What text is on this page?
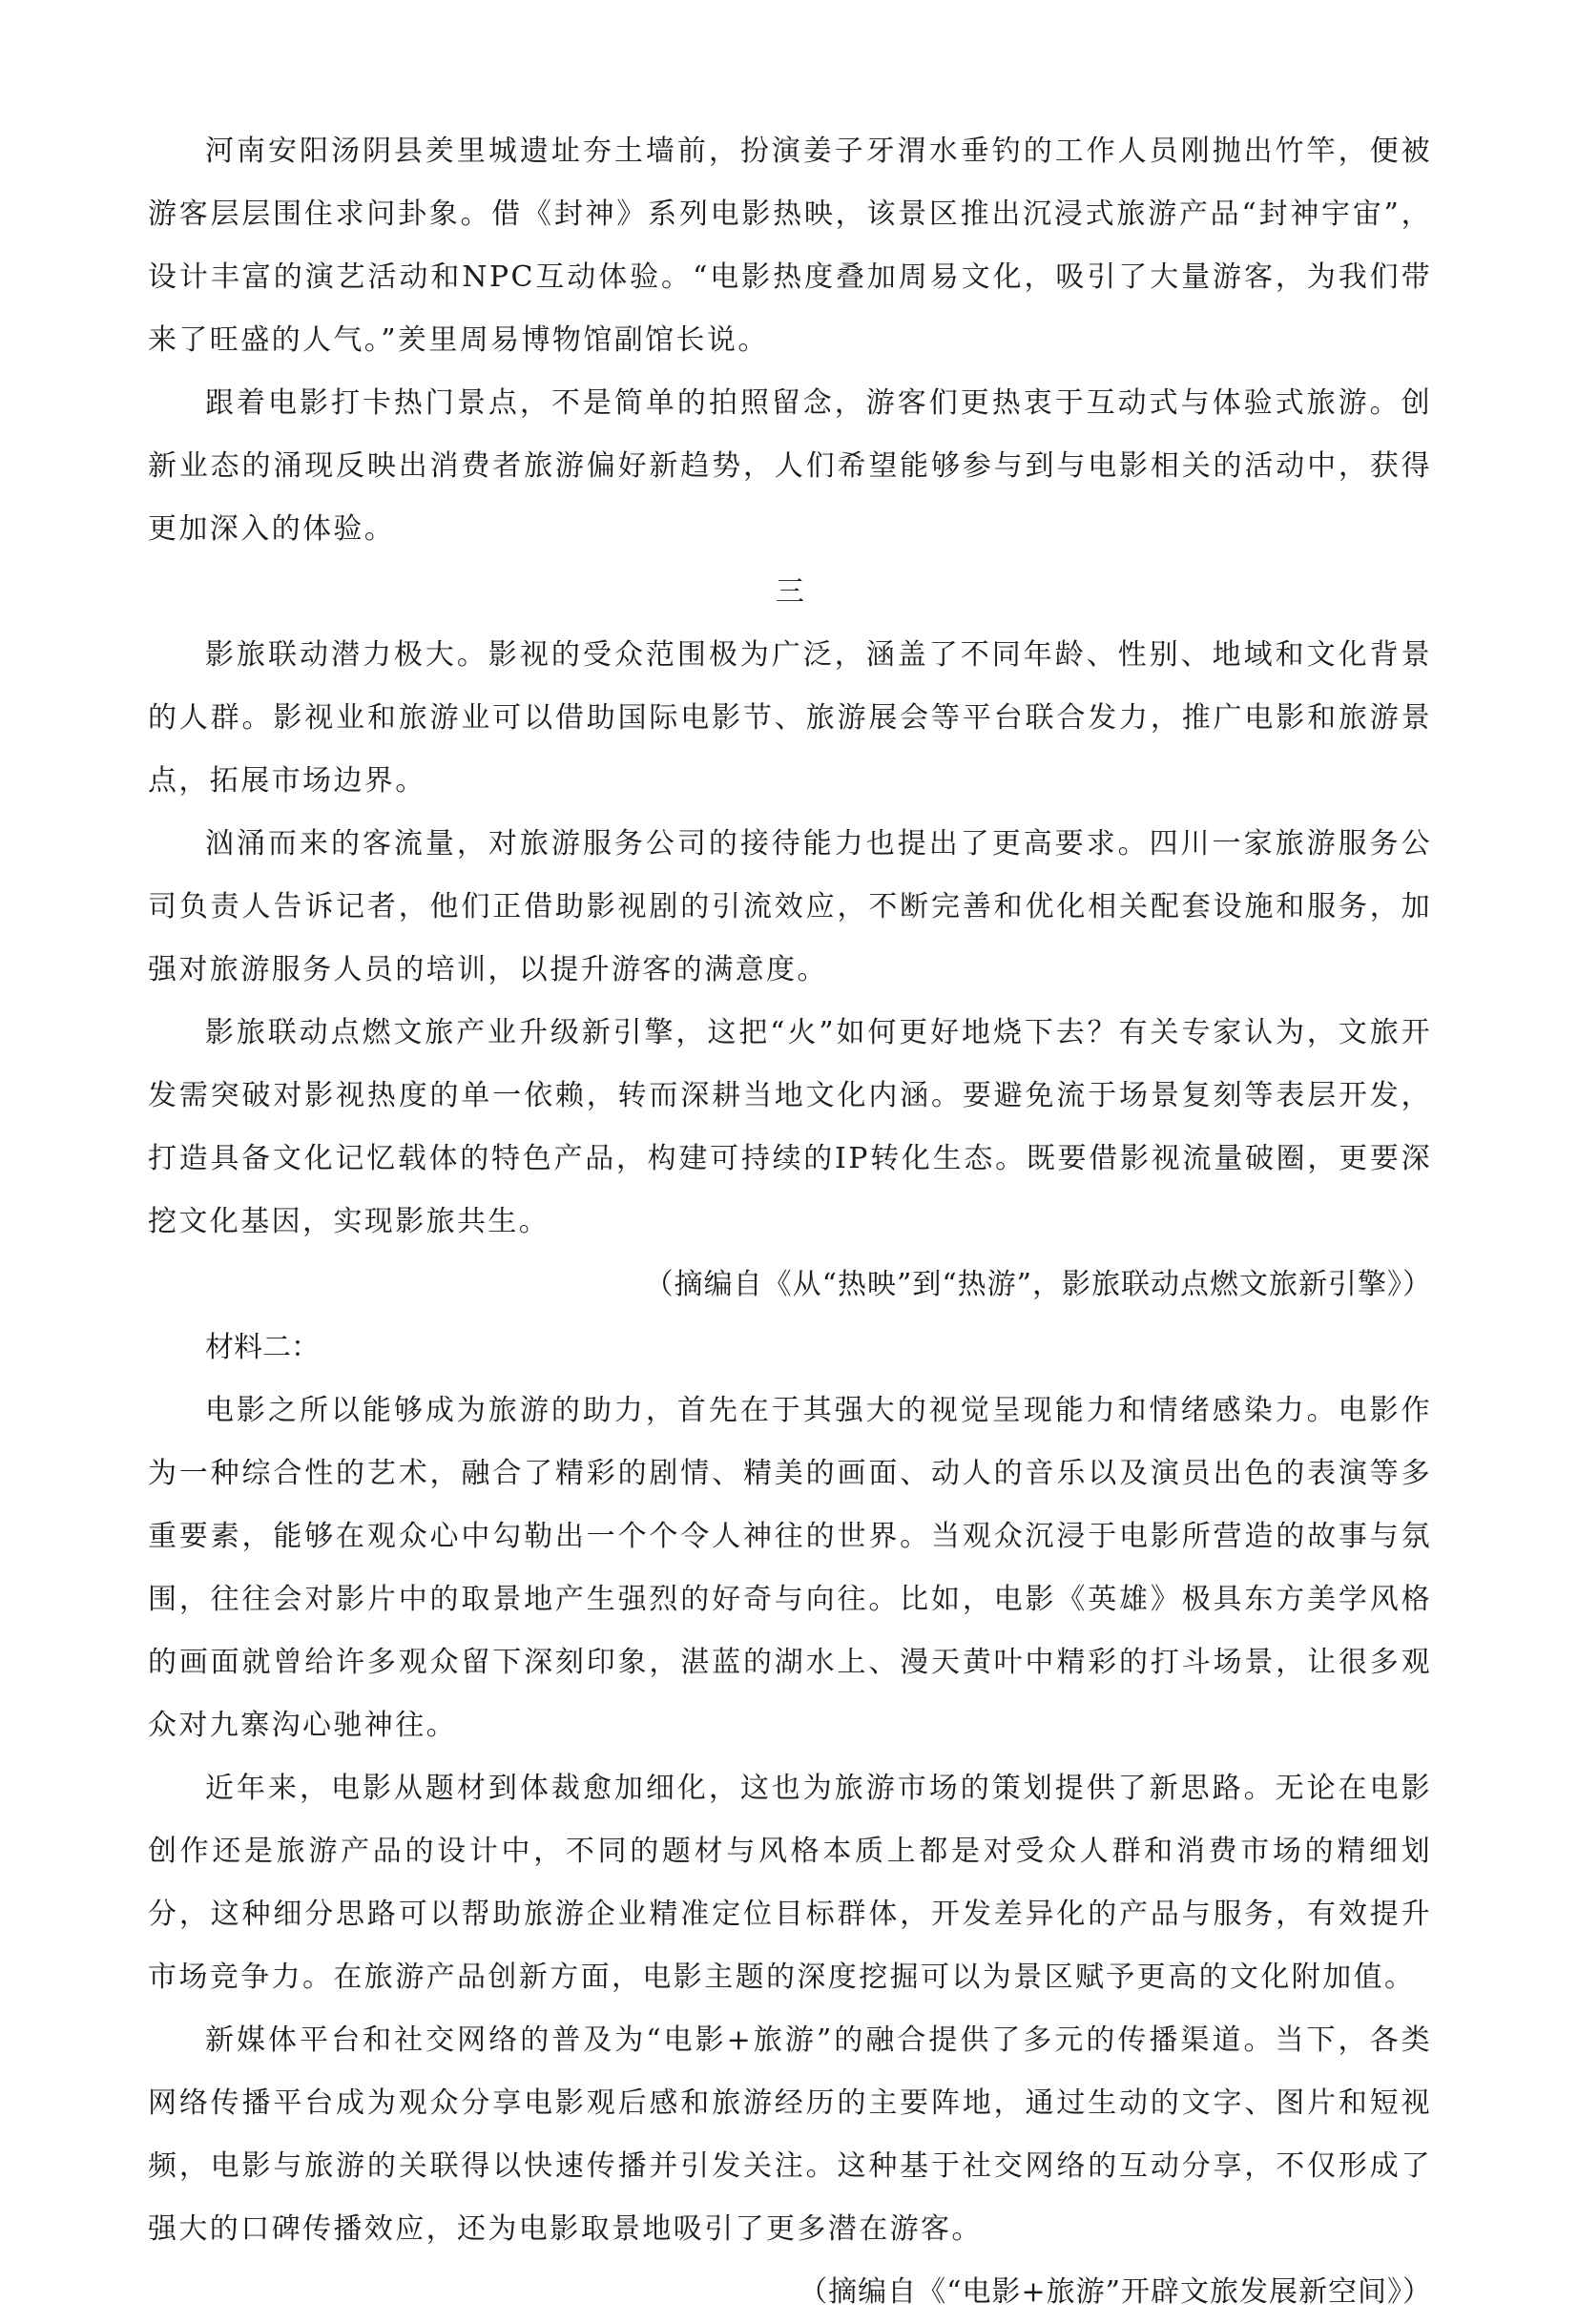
河南安阳汤阴县羑里城遗址夯土墙前，扮演姜子牙渭水垂钓的工作人员刚抛出竹竿，便被游客层层围住求问卦象。借《封神》系列电影热映，该景区推出沉浸式旅游产品“封神宇宙”，设计丰富的演艺活动和NPC互动体验。“电影热度叠加周易文化，吸引了大量游客，为我们带来了旺盛的人气。”羑里周易博物馆副馆长说。

跟着电影打卡热门景点，不是简单的拍照留念，游客们更热衷于互动式与体验式旅游。创新业态的涌现反映出消费者旅游偏好新趋势，人们希望能够参与到与电影相关的活动中，获得更加深入的体验。

三

影旅联动潜力极大。影视的受众范围极为广泛，涵盖了不同年龄、性别、地域和文化背景的人群。影视业和旅游业可以借助国际电影节、旅游展会等平台联合发力，推广电影和旅游景点，拓展市场边界。

汹涌而来的客流量，对旅游服务公司的接待能力也提出了更高要求。四川一家旅游服务公司负责人告诉记者，他们正借助影视剧的引流效应，不断完善和优化相关配套设施和服务，加强对旅游服务人员的培训，以提升游客的满意度。

影旅联动点燃文旅产业升级新引擎，这把“火”如何更好地烧下去？有关专家认为，文旅开发需突破对影视热度的单一依赖，转而深耕当地文化内涵。要避免流于场景复刻等表层开发，打造具备文化记忆载体的特色产品，构建可持续的IP转化生态。既要借影视流量破圈，更要深挖文化基因，实现影旅共生。

（摘编自《从“热映”到“热游”，影旅联动点燃文旅新引擎》）

材料二：

电影之所以能够成为旅游的助力，首先在于其强大的视觉呈现能力和情绪感染力。电影作为一种综合性的艺术，融合了精彩的剧情、精美的画面、动人的音乐以及演员出色的表演等多重要素，能够在观众心中勾勒出一个个令人神往的世界。当观众沉浸于电影所营造的故事与氛围，往往会对影片中的取景地产生强烈的好奇与向往。比如，电影《英雄》极具东方美学风格的画面就曾给许多观众留下深刻印象，湛蓝的湖水上、漫天黄叶中精彩的打斗场景，让很多观众对九寨沟心驰神往。

近年来，电影从题材到体裁愈加细化，这也为旅游市场的策划提供了新思路。无论在电影创作还是旅游产品的设计中，不同的题材与风格本质上都是对受众人群和消费市场的精细划分，这种细分思路可以帮助旅游企业精准定位目标群体，开发差异化的产品与服务，有效提升市场竞争力。在旅游产品创新方面，电影主题的深度挖掘可以为景区赋予更高的文化附加值。

新媒体平台和社交网络的普及为“电影+旅游”的融合提供了多元的传播渠道。当下，各类网络传播平台成为观众分享电影观后感和旅游经历的主要阵地，通过生动的文字、图片和短视频，电影与旅游的关联得以快速传播并引发关注。这种基于社交网络的互动分享，不仅形成了强大的口碑传播效应，还为电影取景地吸引了更多潜在游客。

（摘编自《“电影+旅游”开辟文旅发展新空间》）
